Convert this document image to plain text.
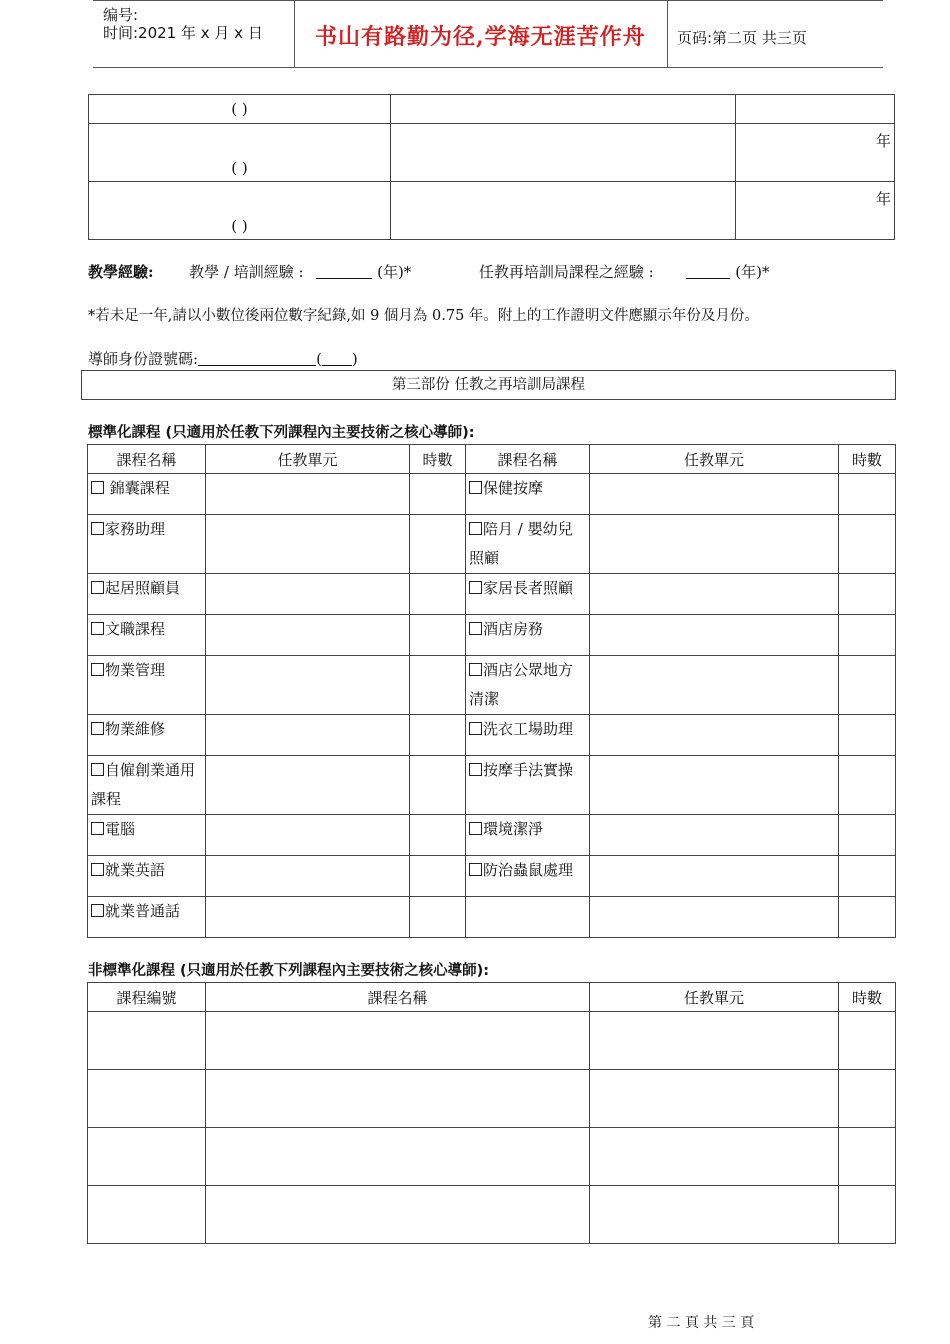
编号:
时间:2021 年 x 月 x 日 书山有路勤为径,学海无涯苦作舟 页码:第二页 共三页
( )		
( )		年
( )		年
教學經驗: 教學 / 培訓經驗 :	(年)*	任教再培訓局課程之經驗 :	(年)*
*若未足一年,請以小數位後兩位數字紀錄,如 9 個月為 0.75 年。附上的工作證明文件應顯示年份及月份。
導師身份證號碼:	( )
第三部份 任教之再培訓局課程
標準化課程 (只適用於任教下列課程內主要技術之核心導師):
課程名稱	任教單元	時數	課程名稱	任教單元	時數
錦囊課程			保健按摩		
家務助理			陪月 / 嬰幼兒照顧		
起居照顧員			家居長者照顧		
文職課程			酒店房務		
物業管理			酒店公眾地方清潔		
物業維修			洗衣工場助理		
自僱創業通用課程			按摩手法實操		
電腦			環境潔淨		
就業英語			防治蟲鼠處理		
就業普通話					
非標準化課程 (只適用於任教下列課程內主要技術之核心導師):
課程編號	課程名稱	任教單元	時數

第 二 頁 共 三 頁
